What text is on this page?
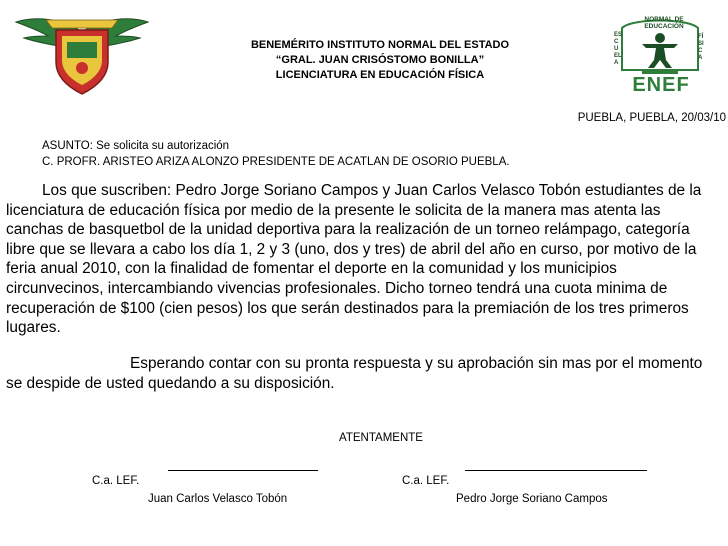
BENEMÉRITO INSTITUTO NORMAL DEL ESTADO
“GRAL. JUAN CRISÓSTOMO BONILLA”
LICENCIATURA EN EDUCACIÓN FÍSICA
NORMAL DE EDUCACIÓN
ESCUELA
FÍSICA
ENEF
PUEBLA, PUEBLA, 20/03/10
ASUNTO: Se solicita su autorización
C. PROFR. ARISTEO ARIZA ALONZO PRESIDENTE DE ACATLAN DE OSORIO PUEBLA.

Los que suscriben: Pedro Jorge Soriano Campos y Juan Carlos Velasco Tobón estudiantes de la licenciatura de educación física por medio de la presente le solicita de la manera mas atenta las canchas de basquetbol de la unidad deportiva para la realización de un torneo relámpago, categoría libre que se llevara a cabo los día 1, 2 y 3 (uno, dos y tres) de abril del año en curso, por motivo de la feria anual 2010, con la finalidad de fomentar el deporte en la comunidad y los municipios circunvecinos, intercambiando vivencias profesionales. Dicho torneo tendrá una cuota minima de recuperación de $100 (cien pesos) los que serán destinados para la premiación de los tres primeros lugares.

Esperando contar con su pronta respuesta y su aprobación sin mas por el momento se despide de usted quedando a su disposición.

ATENTAMENTE
C.a. LEF.
Juan Carlos Velasco Tobón
C.a. LEF.
Pedro Jorge Soriano Campos
